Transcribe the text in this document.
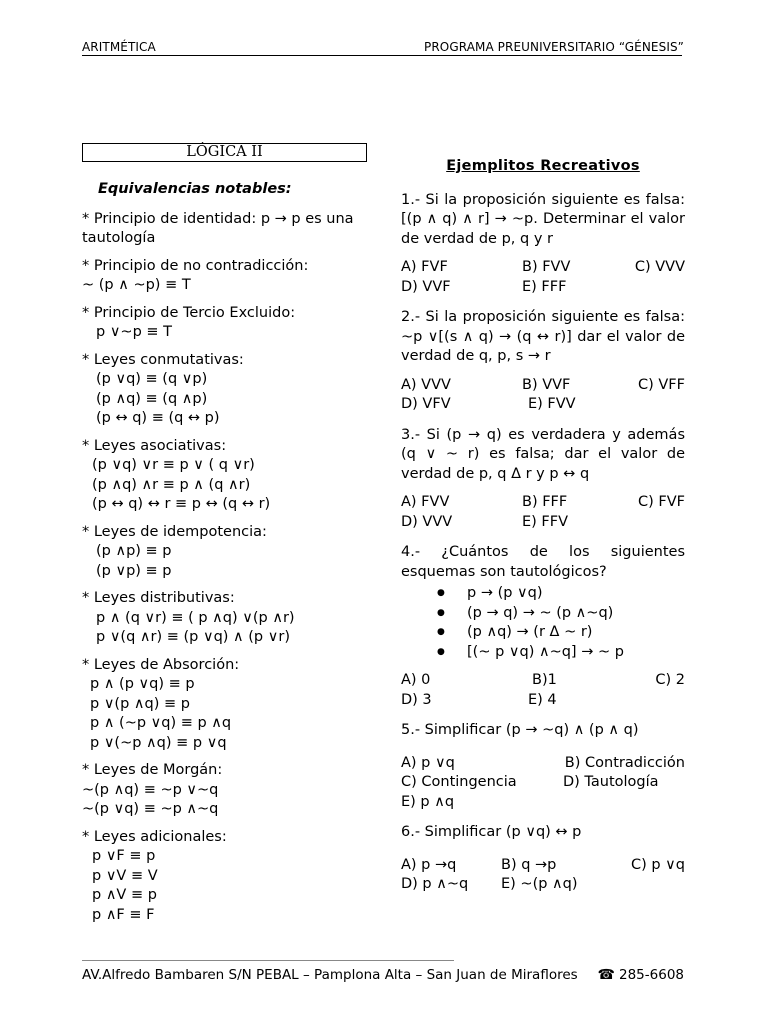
ARITMÉTICA	PROGRAMA PREUNIVERSITARIO “GÉNESIS”
LÓGICA II
Equivalencias notables:
* Principio de identidad: p → p es una tautología
* Principio de no contradicción:
~ (p ∧ ~p) ≡ T
* Principio de Tercio Excluido:
p ∨~p ≡ T
* Leyes conmutativas:
(p ∨q) ≡ (q ∨p)
(p ∧q) ≡ (q ∧p)
(p ↔ q) ≡ (q ↔ p)
* Leyes asociativas:
(p ∨q) ∨r ≡ p ∨ ( q ∨r)
(p ∧q) ∧r ≡ p ∧ (q ∧r)
(p ↔ q) ↔ r ≡ p ↔ (q ↔ r)
* Leyes de idempotencia:
(p ∧p) ≡ p
(p ∨p) ≡ p
* Leyes distributivas:
p ∧ (q ∨r) ≡ ( p ∧q) ∨(p ∧r)
p ∨(q ∧r) ≡ (p ∨q) ∧ (p ∨r)
* Leyes de Absorción:
p ∧ (p ∨q) ≡ p
p ∨(p ∧q) ≡ p
p ∧ (~p ∨q) ≡ p ∧q
p ∨(~p ∧q) ≡ p ∨q
* Leyes de Morgán:
~(p ∧q) ≡ ~p ∨~q
~(p ∨q) ≡ ~p ∧~q
* Leyes adicionales:
p ∨F ≡ p
p ∨V ≡ V
p ∧V ≡ p
p ∧F ≡ F
Ejemplitos Recreativos
1.- Si la proposición siguiente es falsa: [(p ∧ q) ∧ r] → ~p. Determinar el valor de verdad de p, q y r
A) FVF	B) FVV	C) VVV
D) VVF	E) FFF
2.- Si la proposición siguiente es falsa: ~p ∨[(s ∧ q) → (q ↔ r)] dar el valor de verdad de q, p, s → r
A) VVV	B) VVF	C) VFF
D) VFV	E) FVV
3.- Si (p → q) es verdadera y además (q ∨ ~ r) es falsa; dar el valor de verdad de p, q Δ r y p ↔ q
A) FVV	B) FFF	C) FVF
D) VVV	E) FFV
4.- ¿Cuántos de los siguientes esquemas son tautológicos?
● p → (p ∨q)
● (p → q) → ~ (p ∧~q)
● (p ∧q) → (r Δ ~ r)
● [(~ p ∨q) ∧~q] → ~ p
A) 0	B)1	C) 2
D) 3	E) 4
5.- Simplificar (p → ~q) ∧ (p ∧ q)
A) p ∨q	B) Contradicción
C) Contingencia	D) Tautología
E) p ∧q
6.- Simplificar (p ∨q) ↔ p
A) p →q	B) q →p	C) p ∨q
D) p ∧~q	E) ~(p ∧q)
AV.Alfredo Bambaren S/N PEBAL – Pamplona Alta – San Juan de Miraflores ☎ 285-6608
